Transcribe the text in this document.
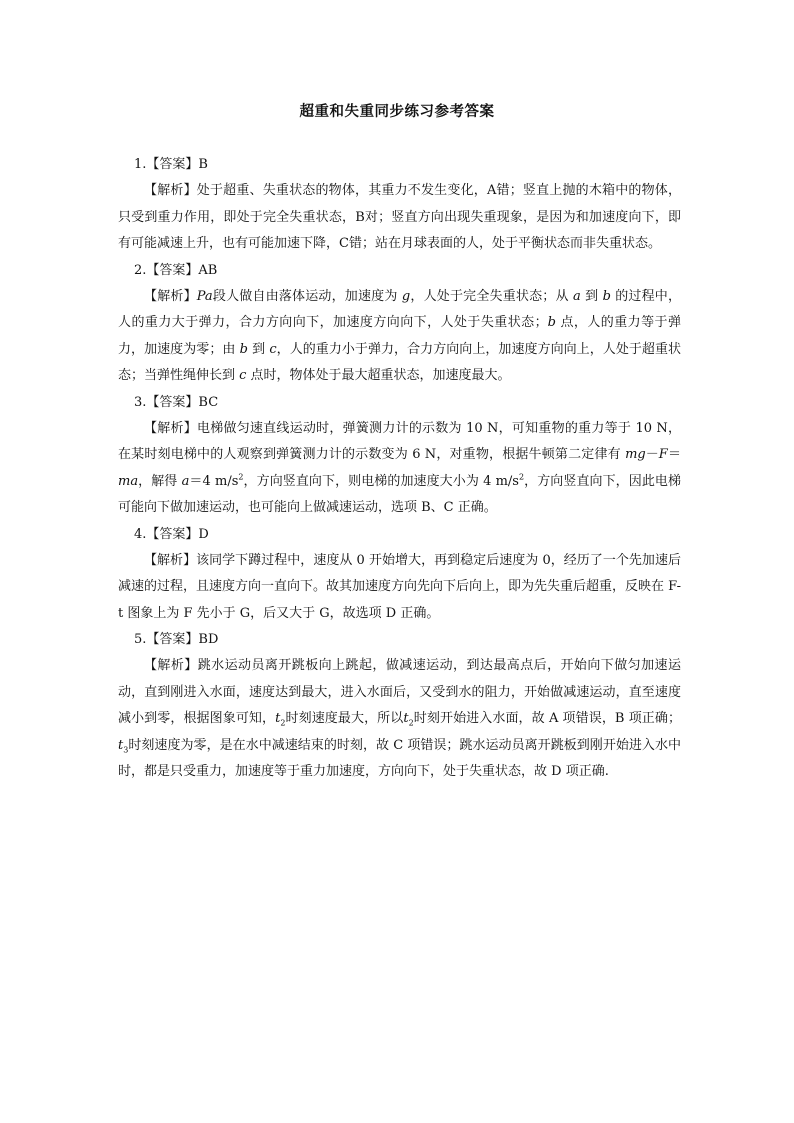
超重和失重同步练习参考答案
1.【答案】B

【解析】处于超重、失重状态的物体，其重力不发生变化，A错；竖直上抛的木箱中的物体，只受到重力作用，即处于完全失重状态，B对；竖直方向出现失重现象，是因为和加速度向下，即有可能减速上升，也有可能加速下降，C错；站在月球表面的人，处于平衡状态而非失重状态。

2.【答案】AB

【解析】Pa段人做自由落体运动，加速度为 g，人处于完全失重状态；从 a 到 b 的过程中，人的重力大于弹力，合力方向向下，加速度方向向下，人处于失重状态；b 点，人的重力等于弹力，加速度为零；由 b 到 c，人的重力小于弹力，合力方向向上，加速度方向向上，人处于超重状态；当弹性绳伸长到 c 点时，物体处于最大超重状态，加速度最大。

3.【答案】BC

【解析】电梯做匀速直线运动时，弹簧测力计的示数为 10 N，可知重物的重力等于 10 N，在某时刻电梯中的人观察到弹簧测力计的示数变为 6 N，对重物，根据牛顿第二定律有 mg－F＝ma，解得 a＝4 $m/s^2$，方向竖直向下，则电梯的加速度大小为 4 $m/s^2$，方向竖直向下，因此电梯可能向下做加速运动，也可能向上做减速运动，选项 B、C 正确。

4.【答案】D

【解析】该同学下蹲过程中，速度从 0 开始增大，再到稳定后速度为 0，经历了一个先加速后减速的过程，且速度方向一直向下。故其加速度方向先向下后向上，即为先失重后超重，反映在 F-t 图象上为 F 先小于 G，后又大于 G，故选项 D 正确。

5.【答案】BD

【解析】跳水运动员离开跳板向上跳起，做减速运动，到达最高点后，开始向下做匀加速运动，直到刚进入水面，速度达到最大，进入水面后，又受到水的阻力，开始做减速运动，直至速度减小到零，根据图象可知，$t_2$时刻速度最大，所以$t_2$时刻开始进入水面，故 A 项错误，B 项正确；$t_3$时刻速度为零，是在水中减速结束的时刻，故 C 项错误；跳水运动员离开跳板到刚开始进入水中时，都是只受重力，加速度等于重力加速度，方向向下，处于失重状态，故 D 项正确.
